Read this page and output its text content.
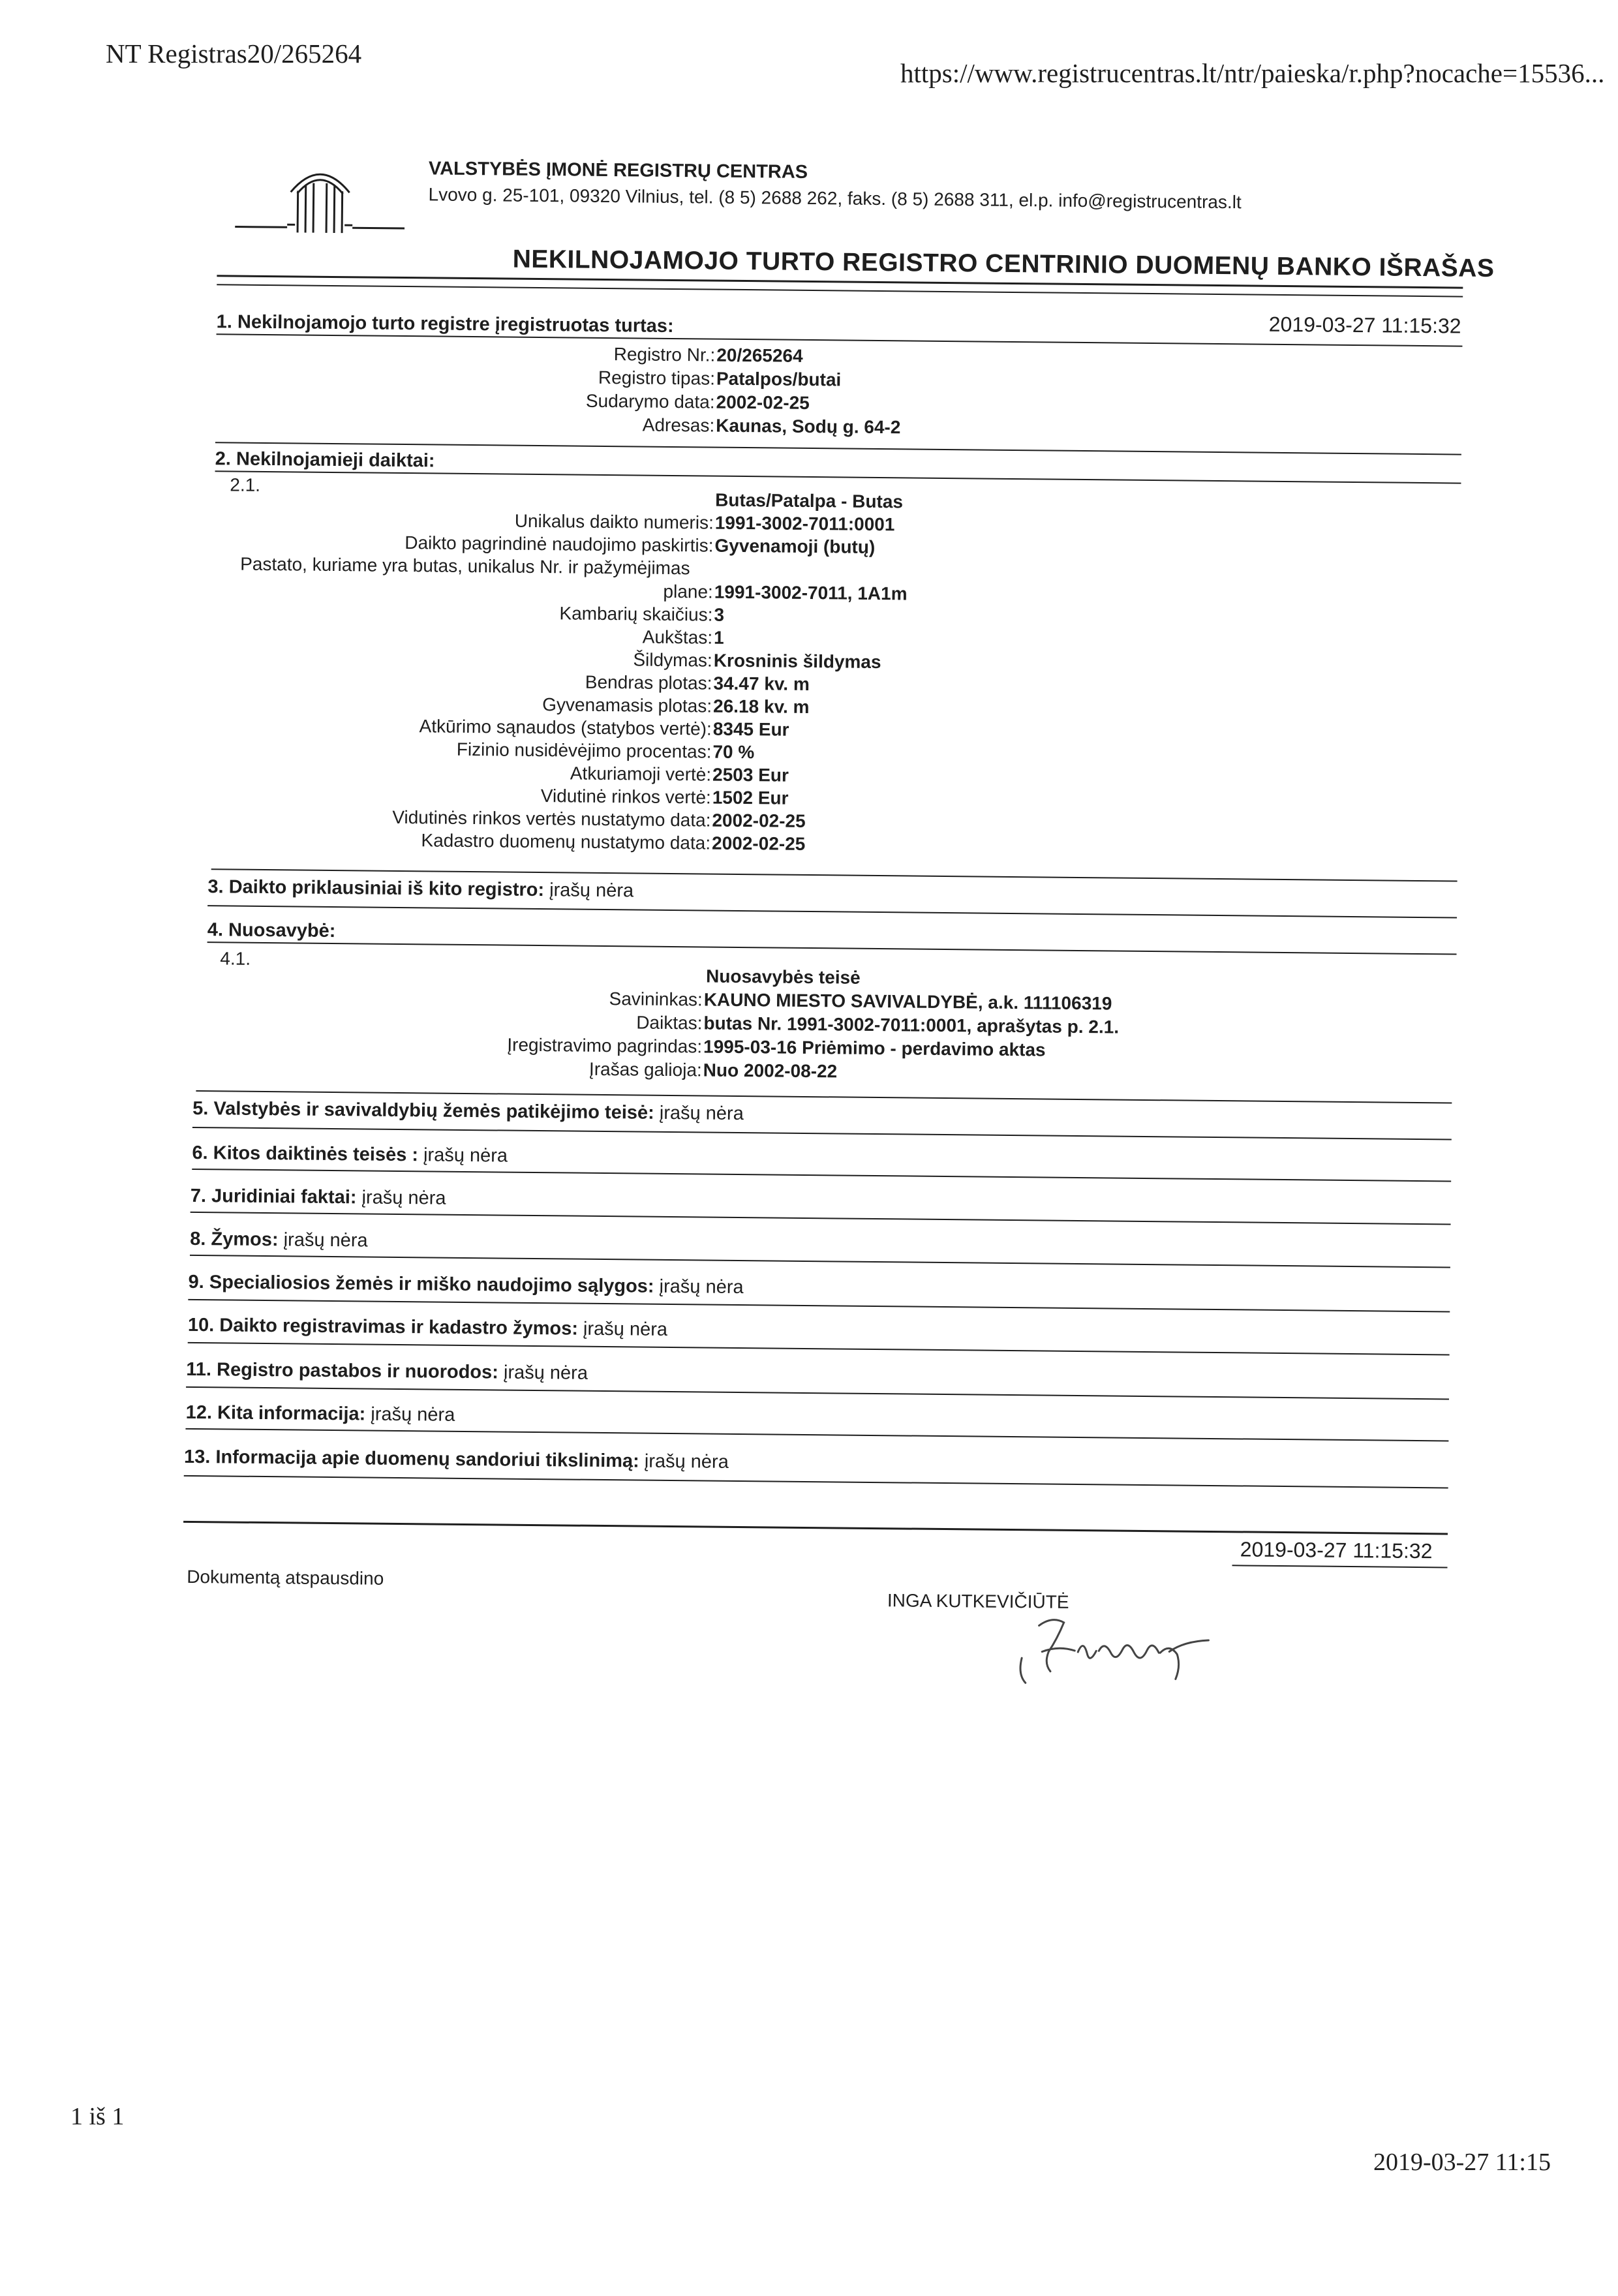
NT Registras20/265264
https://www.registrucentras.lt/ntr/paieska/r.php?nocache=15536...
VALSTYBĖS ĮMONĖ REGISTRŲ CENTRAS
Lvovo g. 25-101, 09320 Vilnius, tel. (8 5) 2688 262, faks. (8 5) 2688 311, el.p. info@registrucentras.lt
NEKILNOJAMOJO TURTO REGISTRO CENTRINIO DUOMENŲ BANKO IŠRAŠAS
2019-03-27 11:15:32
1. Nekilnojamojo turto registre įregistruotas turtas:
Registro Nr.: 20/265264
Registro tipas: Patalpos/butai
Sudarymo data: 2002-02-25
Adresas: Kaunas, Sodų g. 64-2
2. Nekilnojamieji daiktai:
2.1.
Butas/Patalpa - Butas
Unikalus daikto numeris: 1991-3002-7011:0001
Daikto pagrindinė naudojimo paskirtis: Gyvenamoji (butų)
Pastato, kuriame yra butas, unikalus Nr. ir pažymėjimas
plane: 1991-3002-7011, 1A1m
Kambarių skaičius: 3
Aukštas: 1
Šildymas: Krosninis šildymas
Bendras plotas: 34.47 kv. m
Gyvenamasis plotas: 26.18 kv. m
Atkūrimo sąnaudos (statybos vertė): 8345 Eur
Fizinio nusidėvėjimo procentas: 70 %
Atkuriamoji vertė: 2503 Eur
Vidutinė rinkos vertė: 1502 Eur
Vidutinės rinkos vertės nustatymo data: 2002-02-25
Kadastro duomenų nustatymo data: 2002-02-25
3. Daikto priklausiniai iš kito registro: įrašų nėra
4. Nuosavybė:
4.1.
Nuosavybės teisė
Savininkas: KAUNO MIESTO SAVIVALDYBĖ, a.k. 111106319
Daiktas: butas Nr. 1991-3002-7011:0001, aprašytas p. 2.1.
Įregistravimo pagrindas: 1995-03-16 Priėmimo - perdavimo aktas
Įrašas galioja: Nuo 2002-08-22
5. Valstybės ir savivaldybių žemės patikėjimo teisė: įrašų nėra
6. Kitos daiktinės teisės : įrašų nėra
7. Juridiniai faktai: įrašų nėra
8. Žymos: įrašų nėra
9. Specialiosios žemės ir miško naudojimo sąlygos: įrašų nėra
10. Daikto registravimas ir kadastro žymos: įrašų nėra
11. Registro pastabos ir nuorodos: įrašų nėra
12. Kita informacija: įrašų nėra
13. Informacija apie duomenų sandoriui tikslinimą: įrašų nėra
2019-03-27 11:15:32
Dokumentą atspausdino
INGA KUTKEVIČIŪTĖ
1 iš 1
2019-03-27 11:15
